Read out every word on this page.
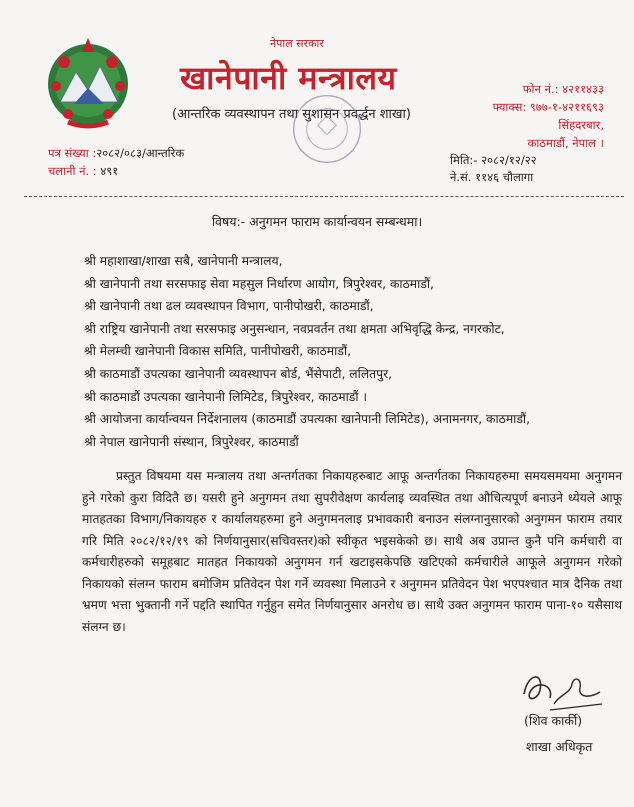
नेपाल सरकार
खानेपानी मन्त्रालय
(आन्तरिक व्यवस्थापन तथा सुशासन प्रवर्द्धन शाखा)
फोन नं.: ४२११४३३
फ्याक्स: ९७७-१-४२११६९३
सिंहदरबार,
काठमाडौं, नेपाल ।
पत्र संख्या :२०८२/०८३/आन्तरिक
चलानी नं. : ४९१
मिति:- २०८२/१२/२२
ने.सं. ११४६ चौलागा
विषय:- अनुगमन फाराम कार्यान्वयन सम्बन्धमा।
श्री महाशाखा/शाखा सबै, खानेपानी मन्त्रालय,
श्री खानेपानी तथा सरसफाइ सेवा महसुल निर्धारण आयोग, त्रिपुरेश्वर, काठमाडौं,
श्री खानेपानी तथा ढल व्यवस्थापन विभाग, पानीपोखरी, काठमाडौं,
श्री राष्ट्रिय खानेपानी तथा सरसफाइ अनुसन्धान, नवप्रवर्तन तथा क्षमता अभिवृद्धि केन्द्र, नगरकोट,
श्री मेलम्ची खानेपानी विकास समिति, पानीपोखरी, काठमाडौं,
श्री काठमाडौं उपत्यका खानेपानी व्यवस्थापन बोर्ड, भैंसेपाटी, ललितपुर,
श्री काठमाडौं उपत्यका खानेपानी लिमिटेड, त्रिपुरेश्वर, काठमाडौं ।
श्री आयोजना कार्यान्वयन निर्देशनालय (काठमाडौं उपत्यका खानेपानी लिमिटेड), अनामनगर, काठमाडौं,
श्री नेपाल खानेपानी संस्थान, त्रिपुरेश्वर, काठमाडौं

प्रस्तुत विषयमा यस मन्त्रालय तथा अन्तर्गतका निकायहरुबाट आफू अन्तर्गतका निकायहरुमा समयसमयमा अनुगमन हुने गरेको कुरा विदितै छ। यसरी हुने अनुगमन तथा सुपरीवेक्षण कार्यलाइ व्यवस्थित तथा औचित्यपूर्ण बनाउने ध्येयले आफू मातहतका विभाग/निकायहरु र कार्यालयहरुमा हुने अनुगमनलाइ प्रभावकारी बनाउन संलग्नानुसारको अनुगमन फाराम तयार गरि मिति २०८२/१२/१९ को निर्णयानुसार(सचिवस्तर)को स्वीकृत भइसकेको छ। साथै अब उप्रान्त कुनै पनि कर्मचारी वा कर्मचारीहरुको समूहबाट मातहत निकायको अनुगमन गर्न खटाइसकेपछि खटिएको कर्मचारीले आफूले अनुगमन गरेको निकायको संलग्न फाराम बमोजिम प्रतिवेदन पेश गर्ने व्यवस्था मिलाउने र अनुगमन प्रतिवेदन पेश भएपश्चात मात्र दैनिक तथा भ्रमण भत्ता भुक्तानी गर्ने पद्दति स्थापित गर्नुहुन समेत निर्णयानुसार अनरोध छ। साथै उक्त अनुगमन फाराम पाना-१० यसैसाथ संलग्न छ।

(शिव कार्की)
शाखा अधिकृत
